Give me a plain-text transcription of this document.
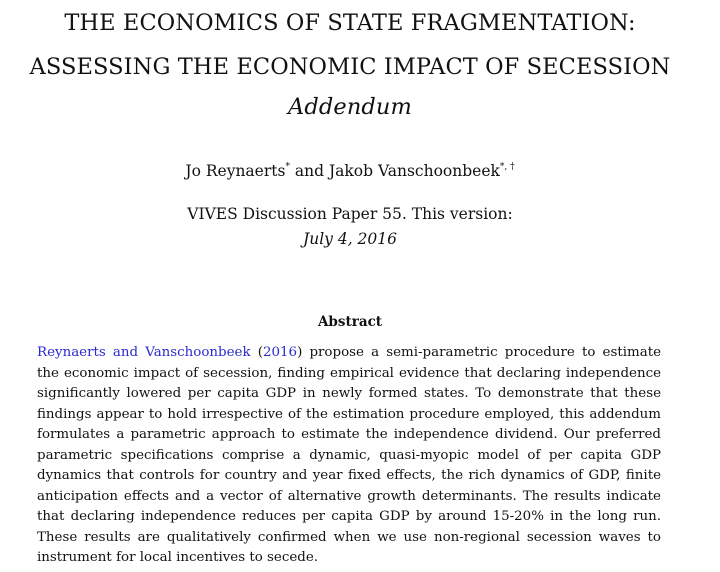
THE ECONOMICS OF STATE FRAGMENTATION:
ASSESSING THE ECONOMIC IMPACT OF SECESSION
Addendum
Jo Reynaerts* and Jakob Vanschoonbeek*, †
VIVES Discussion Paper 55. This version:
July 4, 2016
Abstract
Reynaerts and Vanschoonbeek (2016) propose a semi-parametric procedure to estimate the economic impact of secession, finding empirical evidence that declaring independence significantly lowered per capita GDP in newly formed states. To demonstrate that these findings appear to hold irrespective of the estimation procedure employed, this addendum formulates a parametric approach to estimate the independence dividend. Our preferred parametric specifications comprise a dynamic, quasi-myopic model of per capita GDP dynamics that controls for country and year fixed effects, the rich dynamics of GDP, finite anticipation effects and a vector of alternative growth determinants. The results indicate that declaring independence reduces per capita GDP by around 15-20% in the long run. These results are qualitatively confirmed when we use non-regional secession waves to instrument for local incentives to secede.
